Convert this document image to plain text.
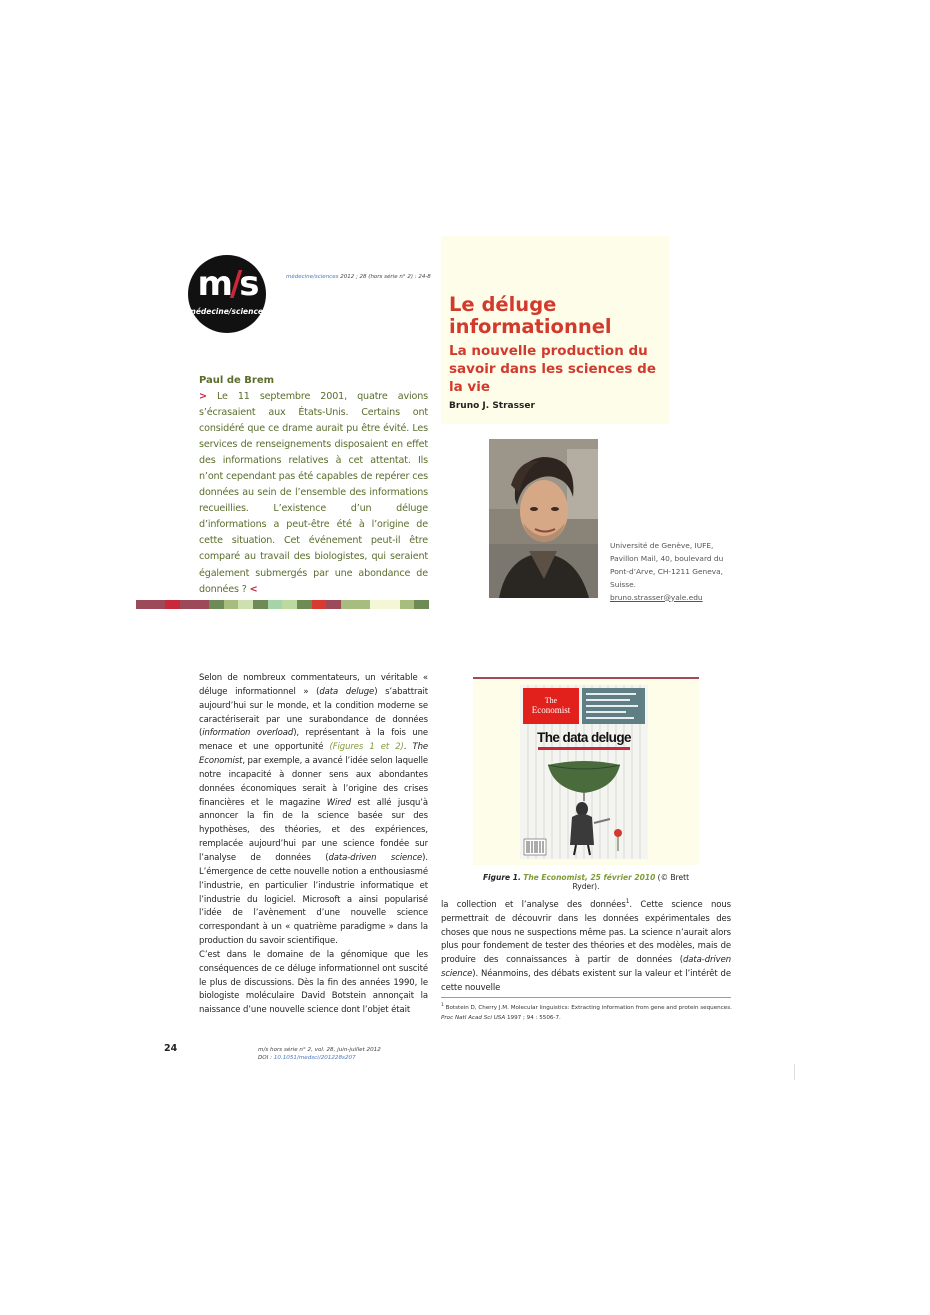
m/s
médecine/sciences
médecine/sciences 2012 ; 28 (hors série n° 2) : 24-8
Le déluge informationnel
La nouvelle production du savoir dans les sciences de la vie
Bruno J. Strasser
Paul de Brem
> Le 11 septembre 2001, quatre avions s’écrasaient aux États-Unis. Certains ont considéré que ce drame aurait pu être évité. Les services de renseignements disposaient en effet des informations relatives à cet attentat. Ils n’ont cependant pas été capables de repérer ces données au sein de l’ensemble des informations recueillies. L’existence d’un déluge d’informations a peut-être été à l’origine de cette situation. Cet événement peut-il être comparé au travail des biologistes, qui seraient également submergés par une abondance de données ? <
Université de Genève, IUFE,
Pavillon Mail, 40, boulevard du
Pont-d’Arve, CH-1211 Geneva,
Suisse.
bruno.strasser@yale.edu

Selon de nombreux commentateurs, un véritable « déluge informationnel » (data deluge) s’abattrait aujourd’hui sur le monde, et la condition moderne se caractériserait par une surabondance de données (information overload), représentant à la fois une menace et une opportunité (Figures 1 et 2). The Economist, par exemple, a avancé l’idée selon laquelle notre incapacité à donner sens aux abondantes données économiques serait à l’origine des crises financières et le magazine Wired est allé jusqu’à annoncer la fin de la science basée sur des hypothèses, des théories, et des expériences, remplacée aujourd’hui par une science fondée sur l’analyse de données (data-driven science). L’émergence de cette nouvelle notion a enthousiasmé l’industrie, en particulier l’industrie informatique et l’industrie du logiciel. Microsoft a ainsi popularisé l’idée de l’avènement d’une nouvelle science correspondant à un « quatrième paradigme » dans la production du savoir scientifique.

C’est dans le domaine de la génomique que les conséquences de ce déluge informationnel ont suscité le plus de discussions. Dès la fin des années 1990, le biologiste moléculaire David Botstein annonçait la naissance d’une nouvelle science dont l’objet était

The
Economist
The data deluge
Figure 1. The Economist, 25 février 2010 (© Brett Ryder).
la collection et l’analyse des données$^1$. Cette science nous permettrait de découvrir dans les données expérimentales des choses que nous ne suspections même pas. La science n’aurait alors plus pour fondement de tester des théories et des modèles, mais de produire des connaissances à partir de données (data-driven science). Néanmoins, des débats existent sur la valeur et l’intérêt de cette nouvelle
$^1$ Botstein D, Cherry J.M. Molecular linguistics: Extracting information from gene and protein sequences.
Proc Natl Acad Sci USA 1997 ; 94 : 5506-7.
24	m/s hors série n° 2, vol. 28, juin-juillet 2012
DOI : 10.1051/medsci/201228s207
